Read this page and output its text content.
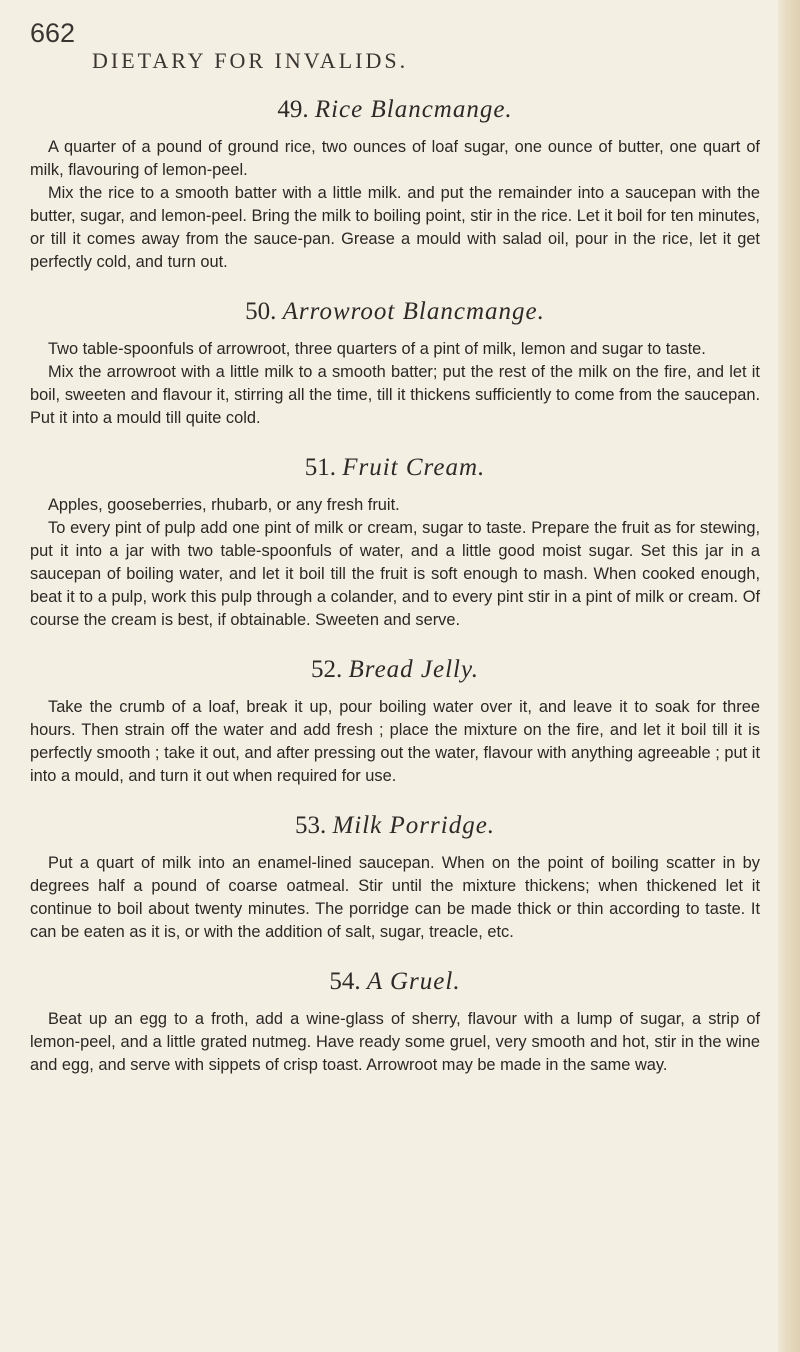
662
DIETARY FOR INVALIDS.
49. Rice Blancmange.

A quarter of a pound of ground rice, two ounces of loaf sugar, one ounce of butter, one quart of milk, flavouring of lemon-peel.

Mix the rice to a smooth batter with a little milk. and put the remainder into a saucepan with the butter, sugar, and lemon-peel. Bring the milk to boiling point, stir in the rice. Let it boil for ten minutes, or till it comes away from the sauce-pan. Grease a mould with salad oil, pour in the rice, let it get perfectly cold, and turn out.

50. Arrowroot Blancmange.

Two table-spoonfuls of arrowroot, three quarters of a pint of milk, lemon and sugar to taste.

Mix the arrowroot with a little milk to a smooth batter; put the rest of the milk on the fire, and let it boil, sweeten and flavour it, stirring all the time, till it thickens sufficiently to come from the saucepan. Put it into a mould till quite cold.

51. Fruit Cream.

Apples, gooseberries, rhubarb, or any fresh fruit.

To every pint of pulp add one pint of milk or cream, sugar to taste. Prepare the fruit as for stewing, put it into a jar with two table-spoonfuls of water, and a little good moist sugar. Set this jar in a saucepan of boiling water, and let it boil till the fruit is soft enough to mash. When cooked enough, beat it to a pulp, work this pulp through a colander, and to every pint stir in a pint of milk or cream. Of course the cream is best, if obtainable. Sweeten and serve.

52. Bread Jelly.

Take the crumb of a loaf, break it up, pour boiling water over it, and leave it to soak for three hours. Then strain off the water and add fresh ; place the mixture on the fire, and let it boil till it is perfectly smooth ; take it out, and after pressing out the water, flavour with anything agreeable ; put it into a mould, and turn it out when required for use.

53. Milk Porridge.

Put a quart of milk into an enamel-lined saucepan. When on the point of boiling scatter in by degrees half a pound of coarse oatmeal. Stir until the mixture thickens; when thickened let it continue to boil about twenty minutes. The porridge can be made thick or thin according to taste. It can be eaten as it is, or with the addition of salt, sugar, treacle, etc.

54. A Gruel.

Beat up an egg to a froth, add a wine-glass of sherry, flavour with a lump of sugar, a strip of lemon-peel, and a little grated nutmeg. Have ready some gruel, very smooth and hot, stir in the wine and egg, and serve with sippets of crisp toast. Arrowroot may be made in the same way.
